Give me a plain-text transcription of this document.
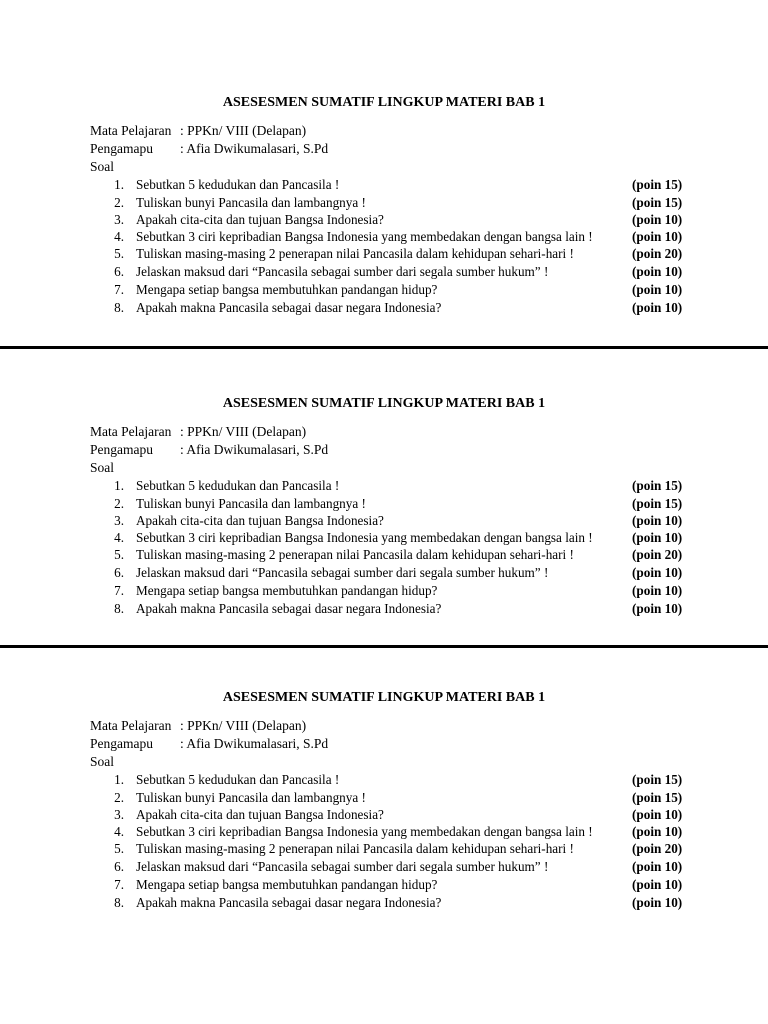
ASESESMEN SUMATIF LINGKUP MATERI BAB 1
Mata Pelajaran : PPKn/ VIII (Delapan)
Pengamapu : Afia Dwikumalasari, S.Pd
Soal
1. Sebutkan 5 kedudukan dan Pancasila !	(poin 15)
2. Tuliskan bunyi Pancasila dan lambangnya !	(poin 15)
3. Apakah cita-cita dan tujuan Bangsa Indonesia?	(poin 10)
4. Sebutkan 3 ciri kepribadian Bangsa Indonesia yang membedakan dengan bangsa lain !	(poin 10)
5. Tuliskan masing-masing 2 penerapan nilai Pancasila dalam kehidupan sehari-hari !	(poin 20)
6. Jelaskan maksud dari “Pancasila sebagai sumber dari segala sumber hukum” !	(poin 10)
7. Mengapa setiap bangsa membutuhkan pandangan hidup?	(poin 10)
8. Apakah makna Pancasila sebagai dasar negara Indonesia?	(poin 10)
ASESESMEN SUMATIF LINGKUP MATERI BAB 1
Mata Pelajaran : PPKn/ VIII (Delapan)
Pengamapu : Afia Dwikumalasari, S.Pd
Soal
1. Sebutkan 5 kedudukan dan Pancasila !	(poin 15)
2. Tuliskan bunyi Pancasila dan lambangnya !	(poin 15)
3. Apakah cita-cita dan tujuan Bangsa Indonesia?	(poin 10)
4. Sebutkan 3 ciri kepribadian Bangsa Indonesia yang membedakan dengan bangsa lain !	(poin 10)
5. Tuliskan masing-masing 2 penerapan nilai Pancasila dalam kehidupan sehari-hari !	(poin 20)
6. Jelaskan maksud dari “Pancasila sebagai sumber dari segala sumber hukum” !	(poin 10)
7. Mengapa setiap bangsa membutuhkan pandangan hidup?	(poin 10)
8. Apakah makna Pancasila sebagai dasar negara Indonesia?	(poin 10)
ASESESMEN SUMATIF LINGKUP MATERI BAB 1
Mata Pelajaran : PPKn/ VIII (Delapan)
Pengamapu : Afia Dwikumalasari, S.Pd
Soal
1. Sebutkan 5 kedudukan dan Pancasila !	(poin 15)
2. Tuliskan bunyi Pancasila dan lambangnya !	(poin 15)
3. Apakah cita-cita dan tujuan Bangsa Indonesia?	(poin 10)
4. Sebutkan 3 ciri kepribadian Bangsa Indonesia yang membedakan dengan bangsa lain !	(poin 10)
5. Tuliskan masing-masing 2 penerapan nilai Pancasila dalam kehidupan sehari-hari !	(poin 20)
6. Jelaskan maksud dari “Pancasila sebagai sumber dari segala sumber hukum” !	(poin 10)
7. Mengapa setiap bangsa membutuhkan pandangan hidup?	(poin 10)
8. Apakah makna Pancasila sebagai dasar negara Indonesia?	(poin 10)
